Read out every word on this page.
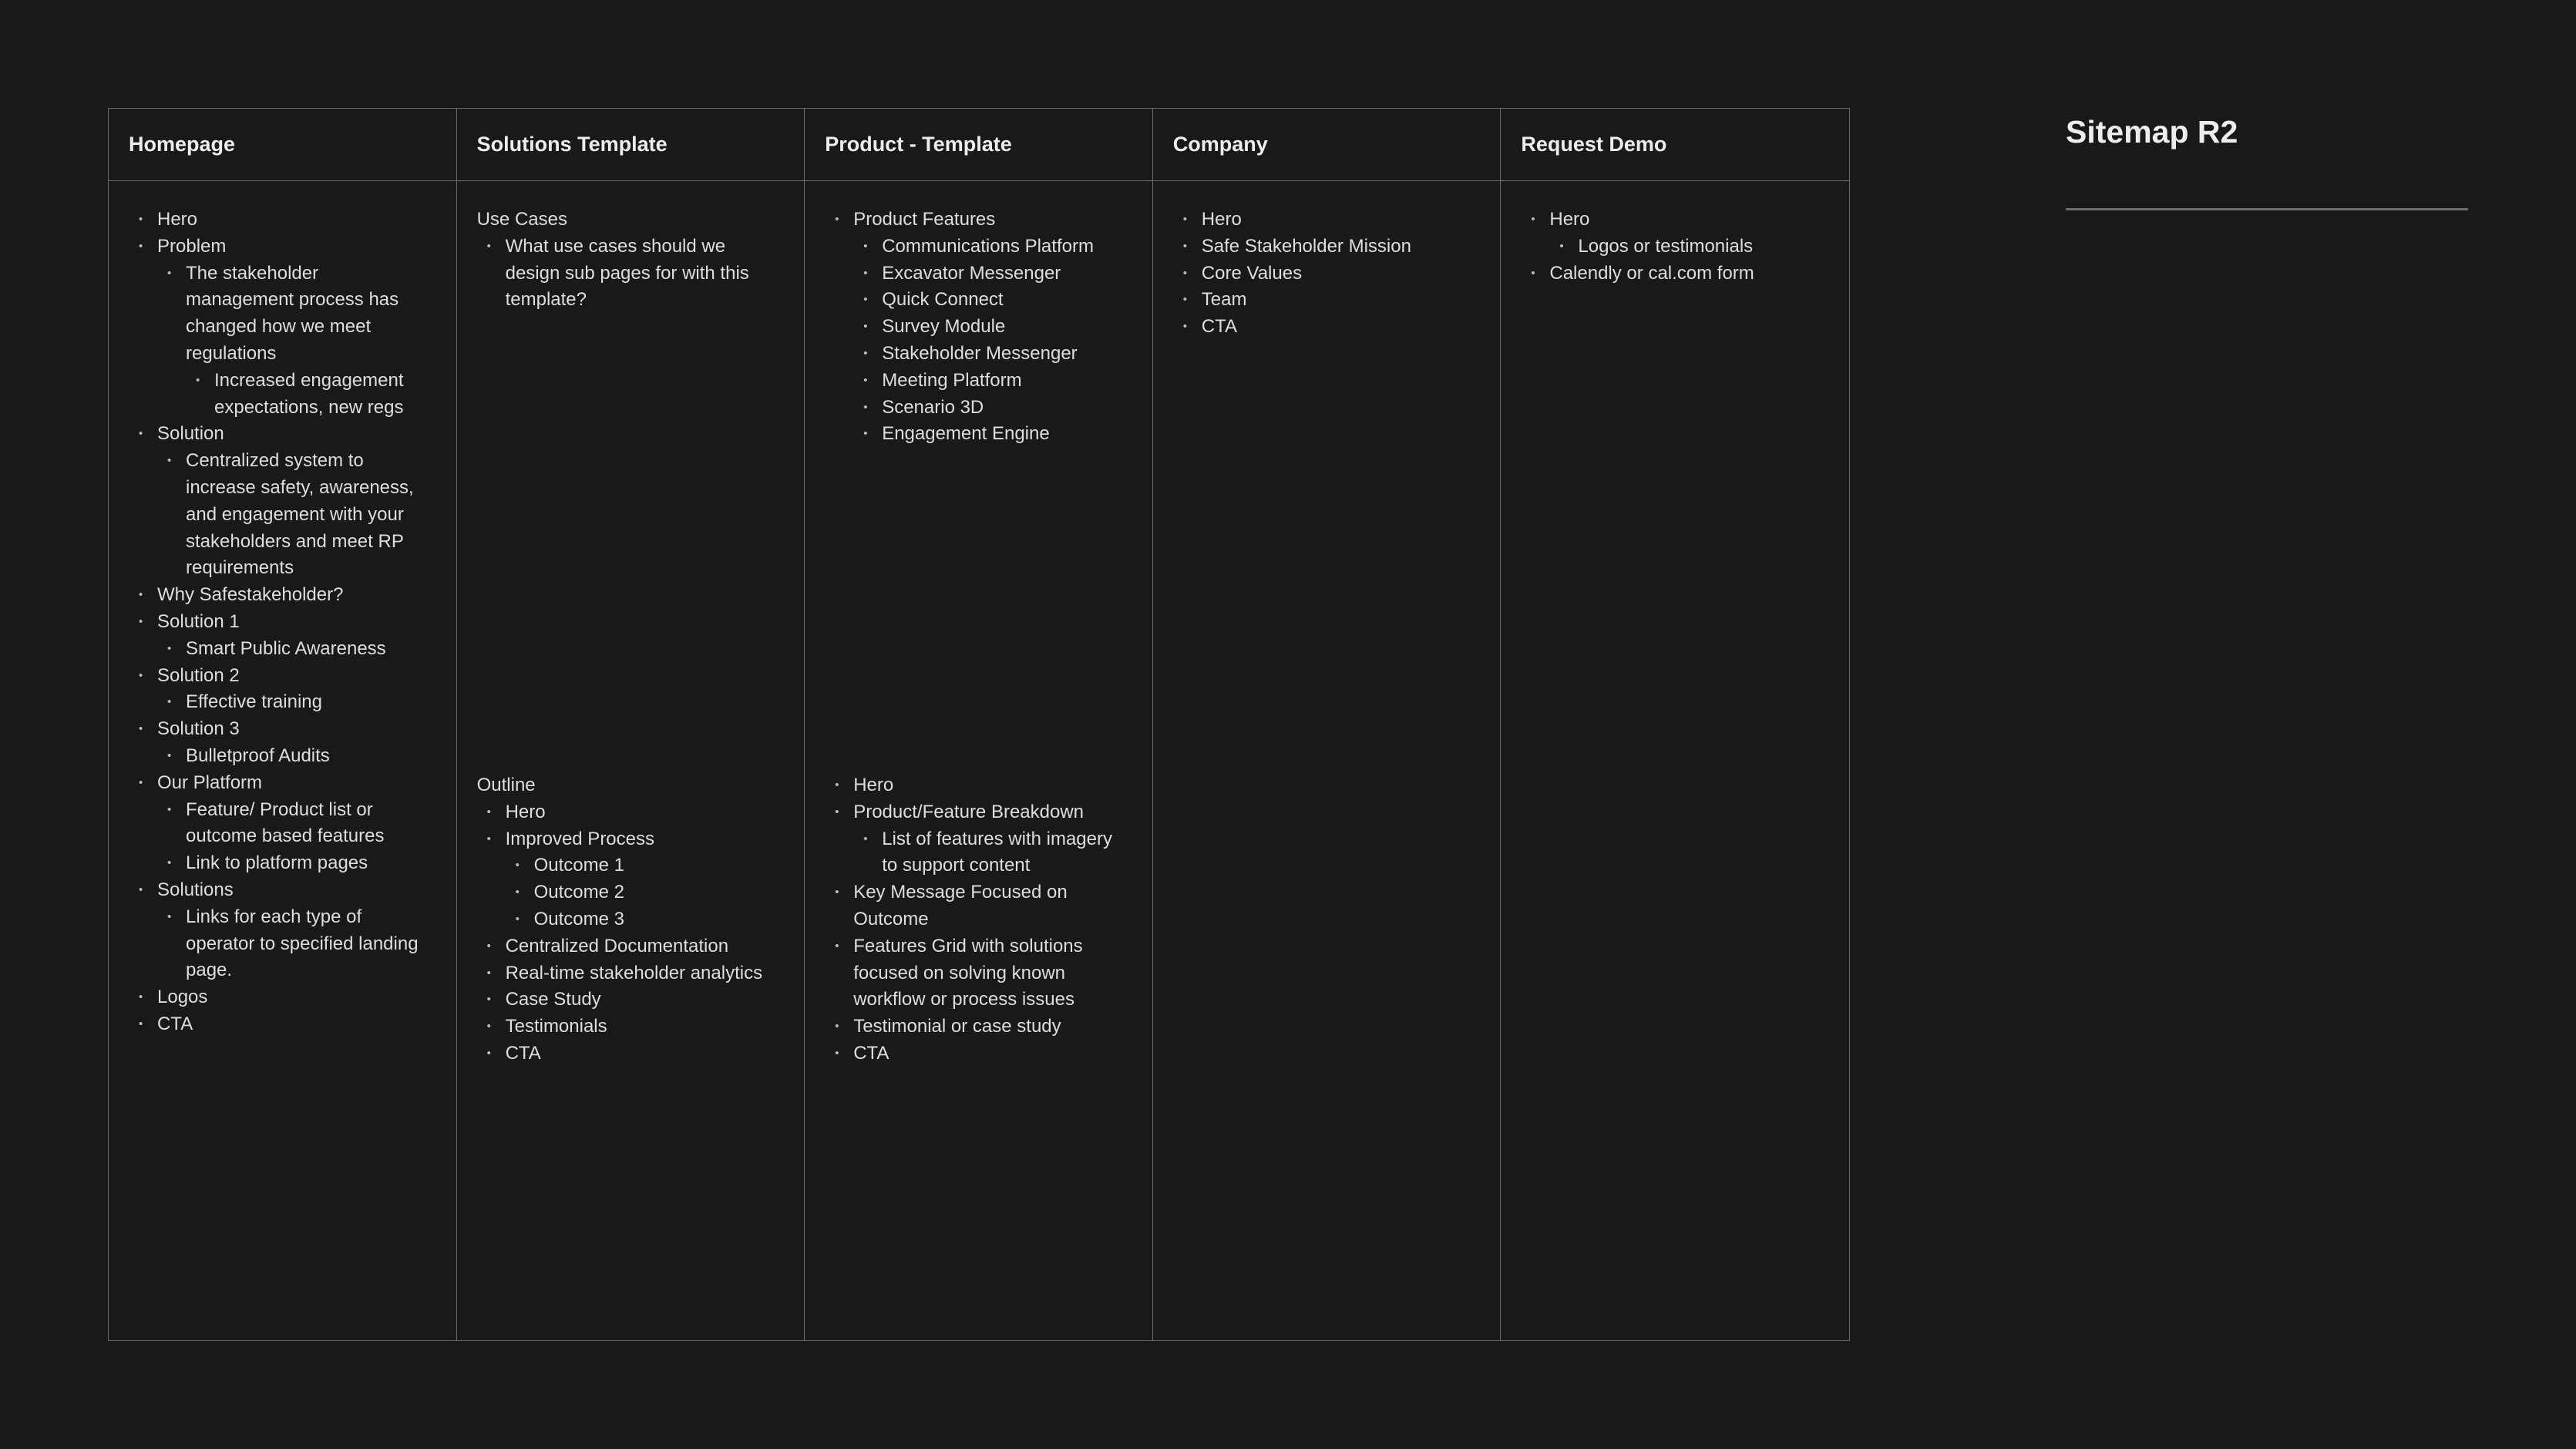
Homepage
• Hero
• Problem
• The stakeholder management process has changed how we meet regulations
• Increased engagement expectations, new regs
• Solution
• Centralized system to increase safety, awareness, and engagement with your stakeholders and meet RP requirements
• Why Safestakeholder?
• Solution 1
• Smart Public Awareness
• Solution 2
• Effective training
• Solution 3
• Bulletproof Audits
• Our Platform
• Feature/ Product list or outcome based features
• Link to platform pages
• Solutions
• Links for each type of operator to specified landing page.
• Logos
• CTA
Solutions Template
Use Cases
• What use cases should we design sub pages for with this template?
Outline
• Hero
• Improved Process
• Outcome 1
• Outcome 2
• Outcome 3
• Centralized Documentation
• Real-time stakeholder analytics
• Case Study
• Testimonials
• CTA
Product - Template
• Product Features
• Communications Platform
• Excavator Messenger
• Quick Connect
• Survey Module
• Stakeholder Messenger
• Meeting Platform
• Scenario 3D
• Engagement Engine
• Hero
• Product/Feature Breakdown
• List of features with imagery to support content
• Key Message Focused on Outcome
• Features Grid with solutions focused on solving known workflow or process issues
• Testimonial or case study
• CTA
Company
• Hero
• Safe Stakeholder Mission
• Core Values
• Team
• CTA
Request Demo
• Hero
• Logos or testimonials
• Calendly or cal.com form
Sitemap R2
